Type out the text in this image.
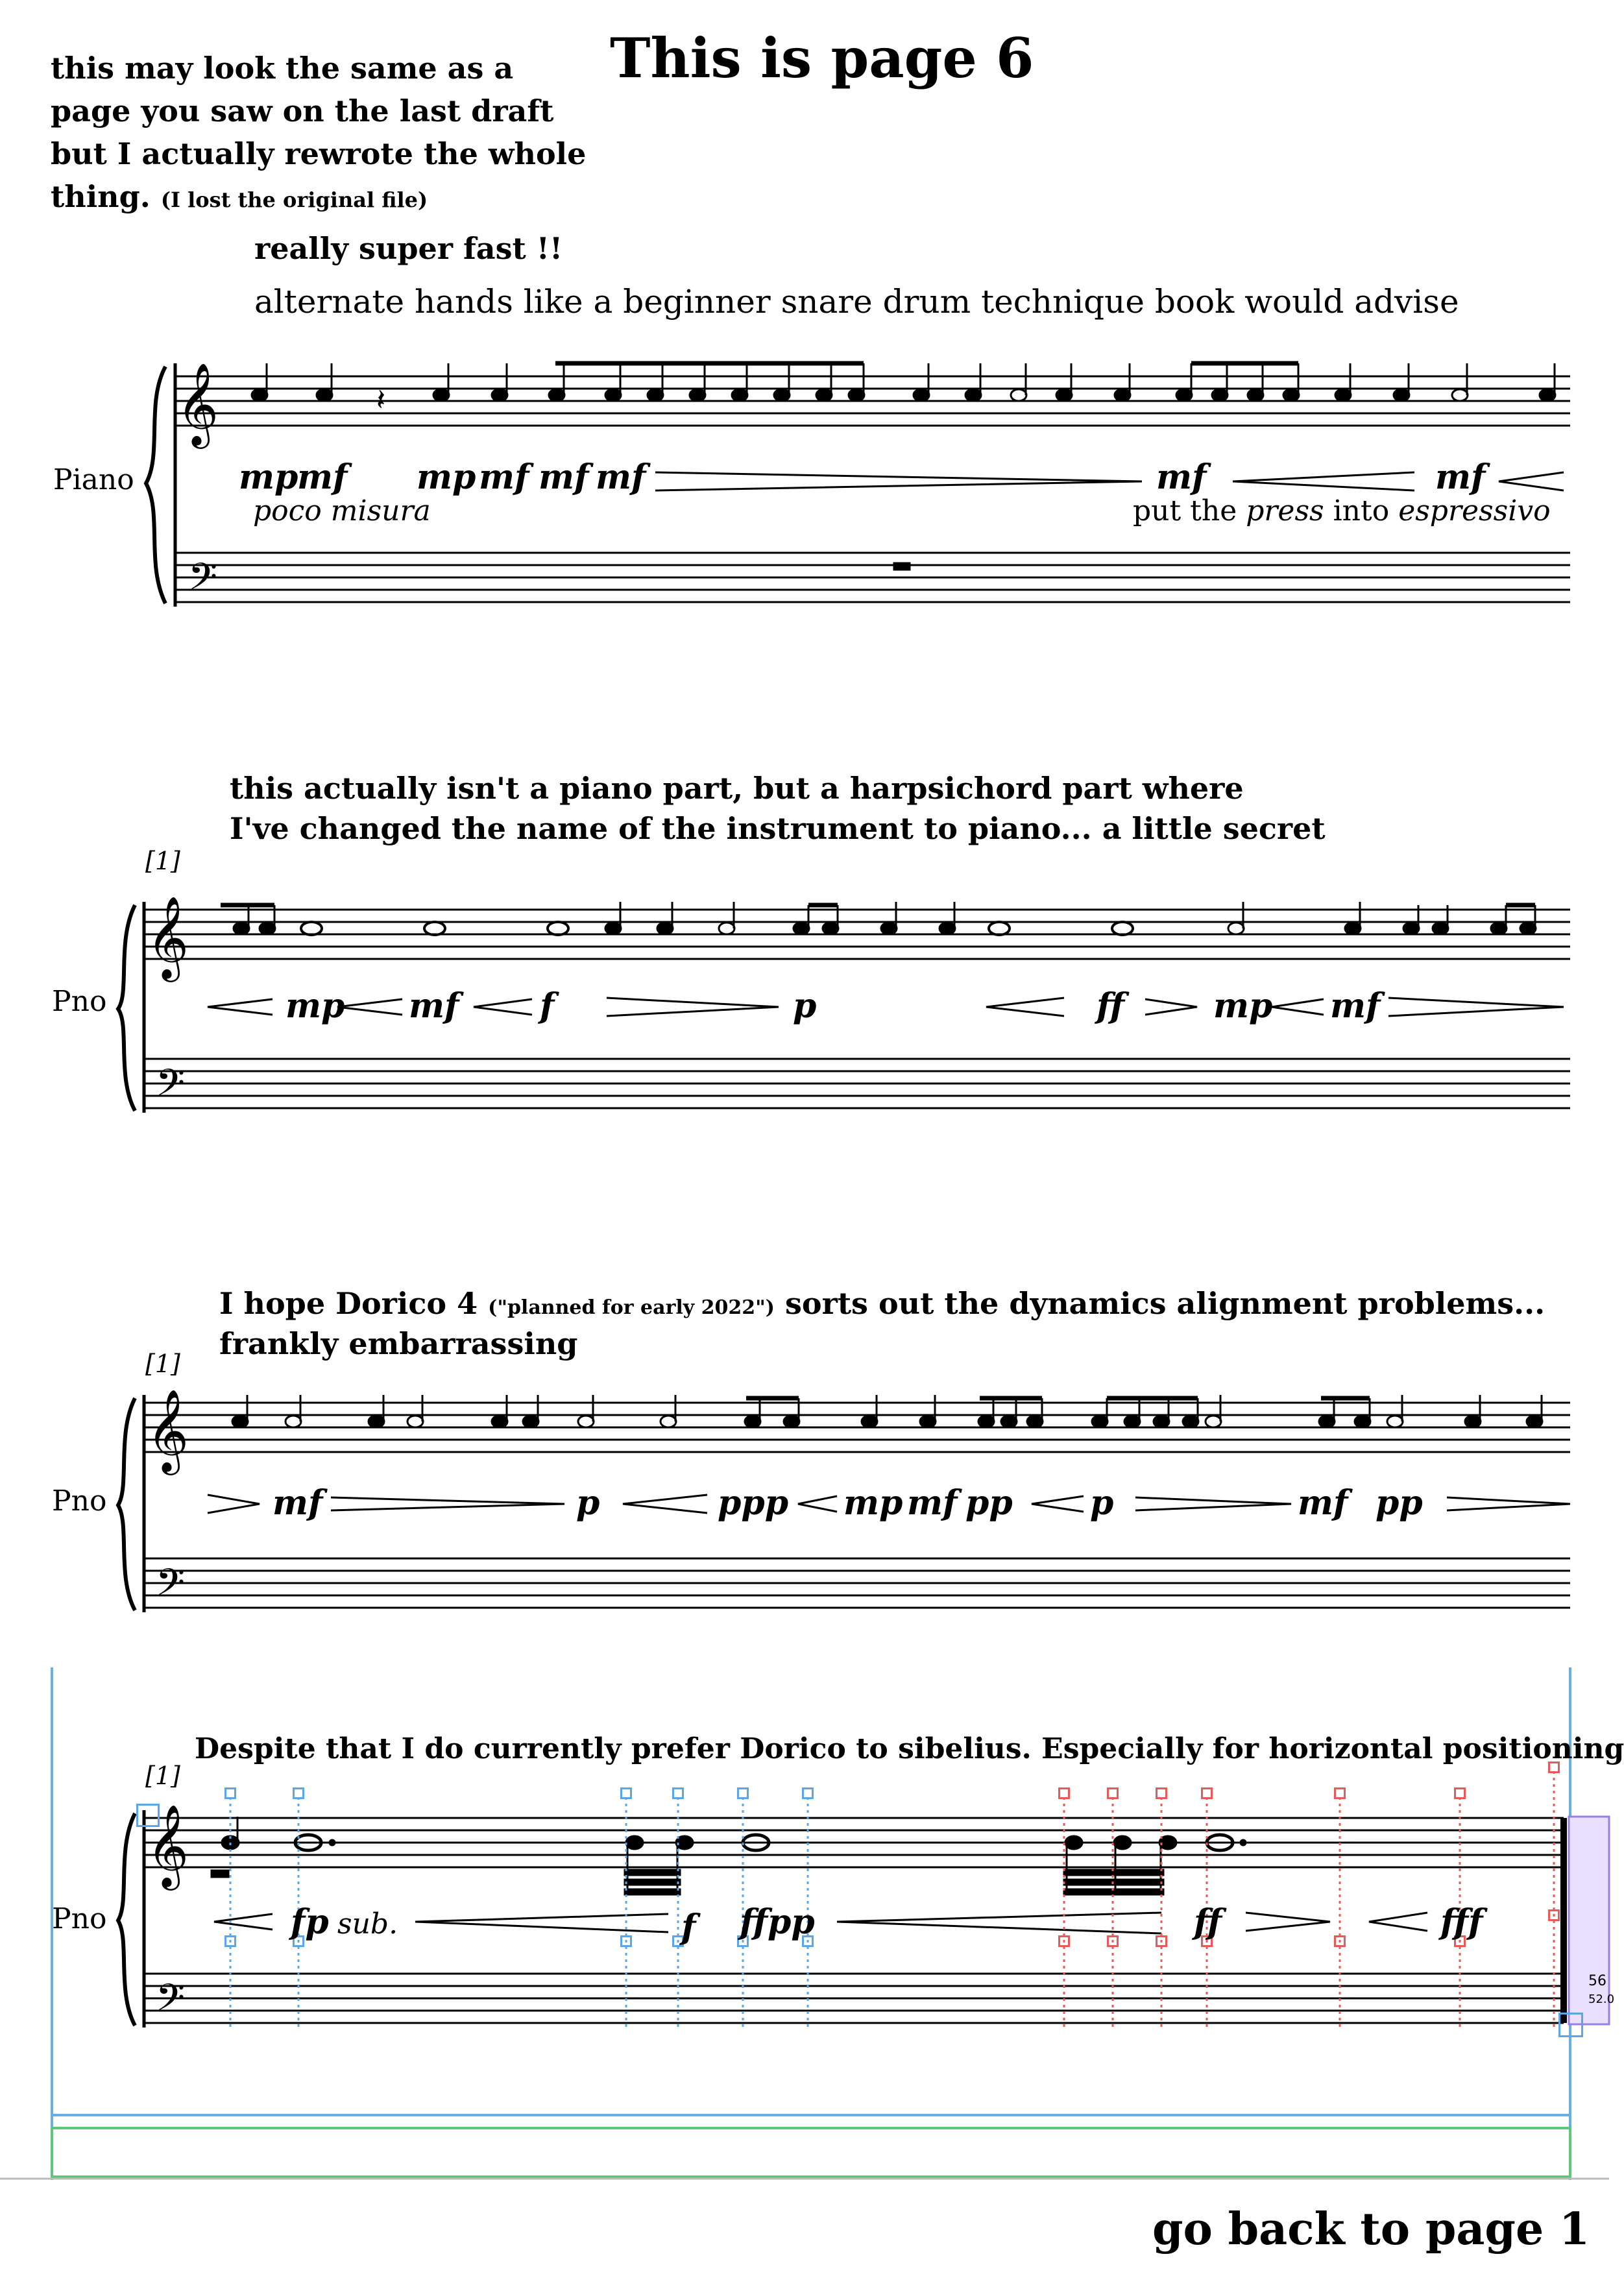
This is page 6
this may look the same as a
page you saw on the last draft
but I actually rewrote the whole
thing. (I lost the original file)
really super fast !!
alternate hands like a beginner snare drum technique book would advise
𝄞
𝄢
𝄞
𝄢
𝄞
𝄢
𝄞
𝄢
𝄽
Piano	mp
mf mp mf mf mf	mf	mf
poco misura	put the press into espressivo
this actually isn't a piano part, but a harpsichord part where
I've changed the name of the instrument to piano... a little secret
[1]
Pno	mp mf f	p	ff	mp mf
I hope Dorico 4 ("planned for early 2022") sorts out the dynamics alignment problems...
frankly embarrassing
[1]
Pno	mf	p	ppp mp mf pp p	mf pp
Despite that I do currently prefer Dorico to sibelius. Especially for horizontal positioning
[1]
Pno	fp sub.	f ffpp	ff	fff
56
52.0
go back to page 1
